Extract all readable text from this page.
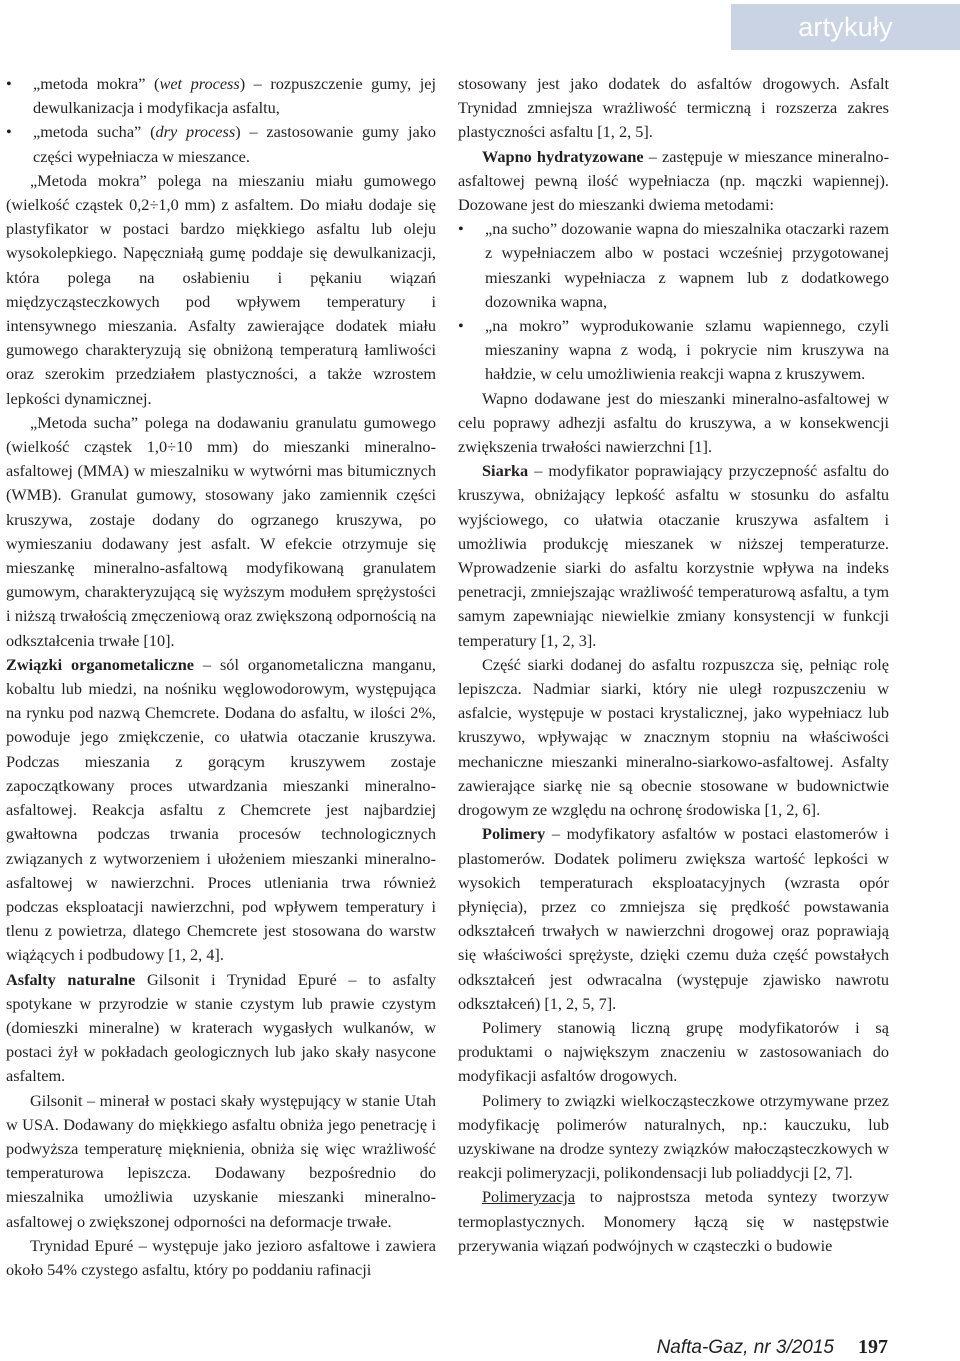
artykuły
• „metoda mokra” (wet process) – rozpuszczenie gumy, jej dewulkanizacja i modyfikacja asfaltu,
• „metoda sucha” (dry process) – zastosowanie gumy jako części wypełniacza w mieszance.

„Metoda mokra” polega na mieszaniu miału gumowego (wielkość cząstek 0,2÷1,0 mm) z asfaltem. Do miału dodaje się plastyfikator w postaci bardzo miękkiego asfaltu lub oleju wysokolepkiego. Napęczniałą gumę poddaje się dewulkanizacji, która polega na osłabieniu i pękaniu wiązań międzycząsteczkowych pod wpływem temperatury i intensywnego mieszania. Asfalty zawierające dodatek miału gumowego charakteryzują się obniżoną temperaturą łamliwości oraz szerokim przedziałem plastyczności, a także wzrostem lepkości dynamicznej.

„Metoda sucha” polega na dodawaniu granulatu gumowego (wielkość cząstek 1,0÷10 mm) do mieszanki mineralno-asfaltowej (MMA) w mieszalniku w wytwórni mas bitumicznych (WMB). Granulat gumowy, stosowany jako zamiennik części kruszywa, zostaje dodany do ogrzanego kruszywa, po wymieszaniu dodawany jest asfalt. W efekcie otrzymuje się mieszankę mineralno-asfaltową modyfikowaną granulatem gumowym, charakteryzującą się wyższym modułem sprężystości i niższą trwałością zmęczeniową oraz zwiększoną odpornością na odkształcenia trwałe [10].

Związki organometaliczne – sól organometaliczna manganu, kobaltu lub miedzi, na nośniku węglowodorowym, występująca na rynku pod nazwą Chemcrete. Dodana do asfaltu, w ilości 2%, powoduje jego zmiękczenie, co ułatwia otaczanie kruszywa. Podczas mieszania z gorącym kruszywem zostaje zapoczątkowany proces utwardzania mieszanki mineralno-asfaltowej. Reakcja asfaltu z Chemcrete jest najbardziej gwałtowna podczas trwania procesów technologicznych związanych z wytworzeniem i ułożeniem mieszanki mineralno-asfaltowej w nawierzchni. Proces utleniania trwa również podczas eksploatacji nawierzchni, pod wpływem temperatury i tlenu z powietrza, dlatego Chemcrete jest stosowana do warstw wiążących i podbudowy [1, 2, 4].

Asfalty naturalne Gilsonit i Trynidad Epuré – to asfalty spotykane w przyrodzie w stanie czystym lub prawie czystym (domieszki mineralne) w kraterach wygasłych wulkanów, w postaci żył w pokładach geologicznych lub jako skały nasycone asfaltem.

Gilsonit – minerał w postaci skały występujący w stanie Utah w USA. Dodawany do miękkiego asfaltu obniża jego penetrację i podwyższa temperaturę mięknienia, obniża się więc wrażliwość temperaturowa lepiszcza. Dodawany bezpośrednio do mieszalnika umożliwia uzyskanie mieszanki mineralno-asfaltowej o zwiększonej odporności na deformacje trwałe.

Trynidad Epuré – występuje jako jezioro asfaltowe i zawiera około 54% czystego asfaltu, który po poddaniu rafinacji

stosowany jest jako dodatek do asfaltów drogowych. Asfalt Trynidad zmniejsza wrażliwość termiczną i rozszerza zakres plastyczności asfaltu [1, 2, 5].

Wapno hydratyzowane – zastępuje w mieszance mineralno-asfaltowej pewną ilość wypełniacza (np. mączki wapiennej). Dozowane jest do mieszanki dwiema metodami:

• „na sucho” dozowanie wapna do mieszalnika otaczarki razem z wypełniaczem albo w postaci wcześniej przygotowanej mieszanki wypełniacza z wapnem lub z dodatkowego dozownika wapna,
• „na mokro” wyprodukowanie szlamu wapiennego, czyli mieszaniny wapna z wodą, i pokrycie nim kruszywa na hałdzie, w celu umożliwienia reakcji wapna z kruszywem.

Wapno dodawane jest do mieszanki mineralno-asfaltowej w celu poprawy adhezji asfaltu do kruszywa, a w konsekwencji zwiększenia trwałości nawierzchni [1].

Siarka – modyfikator poprawiający przyczepność asfaltu do kruszywa, obniżający lepkość asfaltu w stosunku do asfaltu wyjściowego, co ułatwia otaczanie kruszywa asfaltem i umożliwia produkcję mieszanek w niższej temperaturze. Wprowadzenie siarki do asfaltu korzystnie wpływa na indeks penetracji, zmniejszając wrażliwość temperaturową asfaltu, a tym samym zapewniając niewielkie zmiany konsystencji w funkcji temperatury [1, 2, 3].

Część siarki dodanej do asfaltu rozpuszcza się, pełniąc rolę lepiszcza. Nadmiar siarki, który nie uległ rozpuszczeniu w asfalcie, występuje w postaci krystalicznej, jako wypełniacz lub kruszywo, wpływając w znacznym stopniu na właściwości mechaniczne mieszanki mineralno-siarkowo-asfaltowej. Asfalty zawierające siarkę nie są obecnie stosowane w budownictwie drogowym ze względu na ochronę środowiska [1, 2, 6].

Polimery – modyfikatory asfaltów w postaci elastomerów i plastomerów. Dodatek polimeru zwiększa wartość lepkości w wysokich temperaturach eksploatacyjnych (wzrasta opór płynięcia), przez co zmniejsza się prędkość powstawania odkształceń trwałych w nawierzchni drogowej oraz poprawiają się właściwości sprężyste, dzięki czemu duża część powstałych odkształceń jest odwracalna (występuje zjawisko nawrotu odkształceń) [1, 2, 5, 7].

Polimery stanowią liczną grupę modyfikatorów i są produktami o największym znaczeniu w zastosowaniach do modyfikacji asfaltów drogowych.

Polimery to związki wielkocząsteczkowe otrzymywane przez modyfikację polimerów naturalnych, np.: kauczuku, lub uzyskiwane na drodze syntezy związków małocząsteczkowych w reakcji polimeryzacji, polikondensacji lub poliaddycji [2, 7].

Polimeryzacja to najprostsza metoda syntezy tworzyw termoplastycznych. Monomery łączą się w następstwie przerywania wiązań podwójnych w cząsteczki o budowie

Nafta-Gaz, nr 3/2015 197
